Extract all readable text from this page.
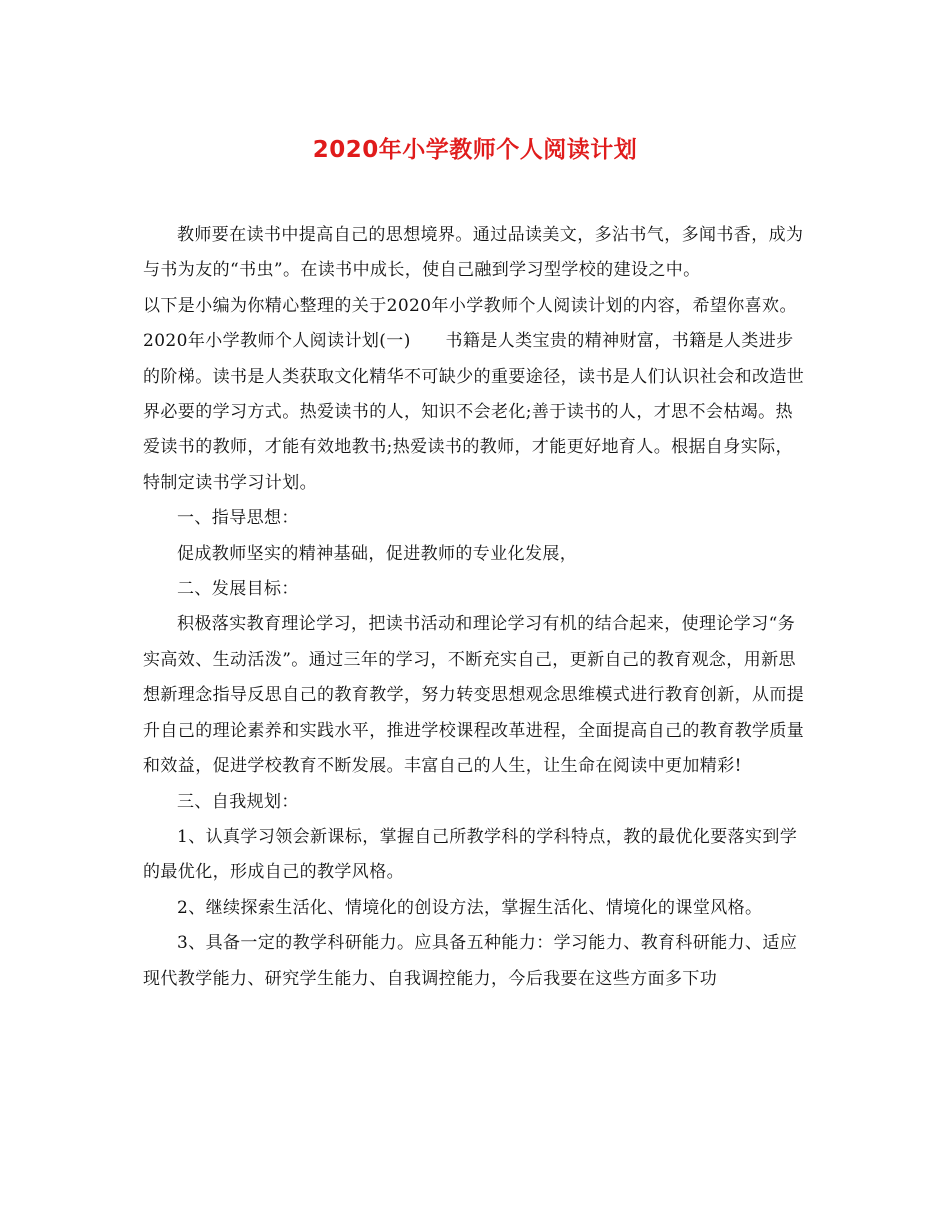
2020年小学教师个人阅读计划

教师要在读书中提高自己的思想境界。通过品读美文，多沾书气，多闻书香，成为与书为友的“书虫”。在读书中成长，使自己融到学习型学校的建设之中。

以下是小编为你精心整理的关于2020年小学教师个人阅读计划的内容，希望你喜欢。

2020年小学教师个人阅读计划(一)　　书籍是人类宝贵的精神财富，书籍是人类进步的阶梯。读书是人类获取文化精华不可缺少的重要途径，读书是人们认识社会和改造世界必要的学习方式。热爱读书的人，知识不会老化;善于读书的人，才思不会枯竭。热爱读书的教师，才能有效地教书;热爱读书的教师，才能更好地育人。根据自身实际，特制定读书学习计划。

一、指导思想：

促成教师坚实的精神基础，促进教师的专业化发展，

二、发展目标：

积极落实教育理论学习，把读书活动和理论学习有机的结合起来，使理论学习“务实高效、生动活泼”。通过三年的学习，不断充实自己，更新自己的教育观念，用新思想新理念指导反思自己的教育教学，努力转变思想观念思维模式进行教育创新，从而提升自己的理论素养和实践水平，推进学校课程改革进程，全面提高自己的教育教学质量和效益，促进学校教育不断发展。丰富自己的人生，让生命在阅读中更加精彩!

三、自我规划：

1、认真学习领会新课标，掌握自己所教学科的学科特点，教的最优化要落实到学的最优化，形成自己的教学风格。

2、继续探索生活化、情境化的创设方法，掌握生活化、情境化的课堂风格。

3、具备一定的教学科研能力。应具备五种能力：学习能力、教育科研能力、适应现代教学能力、研究学生能力、自我调控能力，今后我要在这些方面多下功
